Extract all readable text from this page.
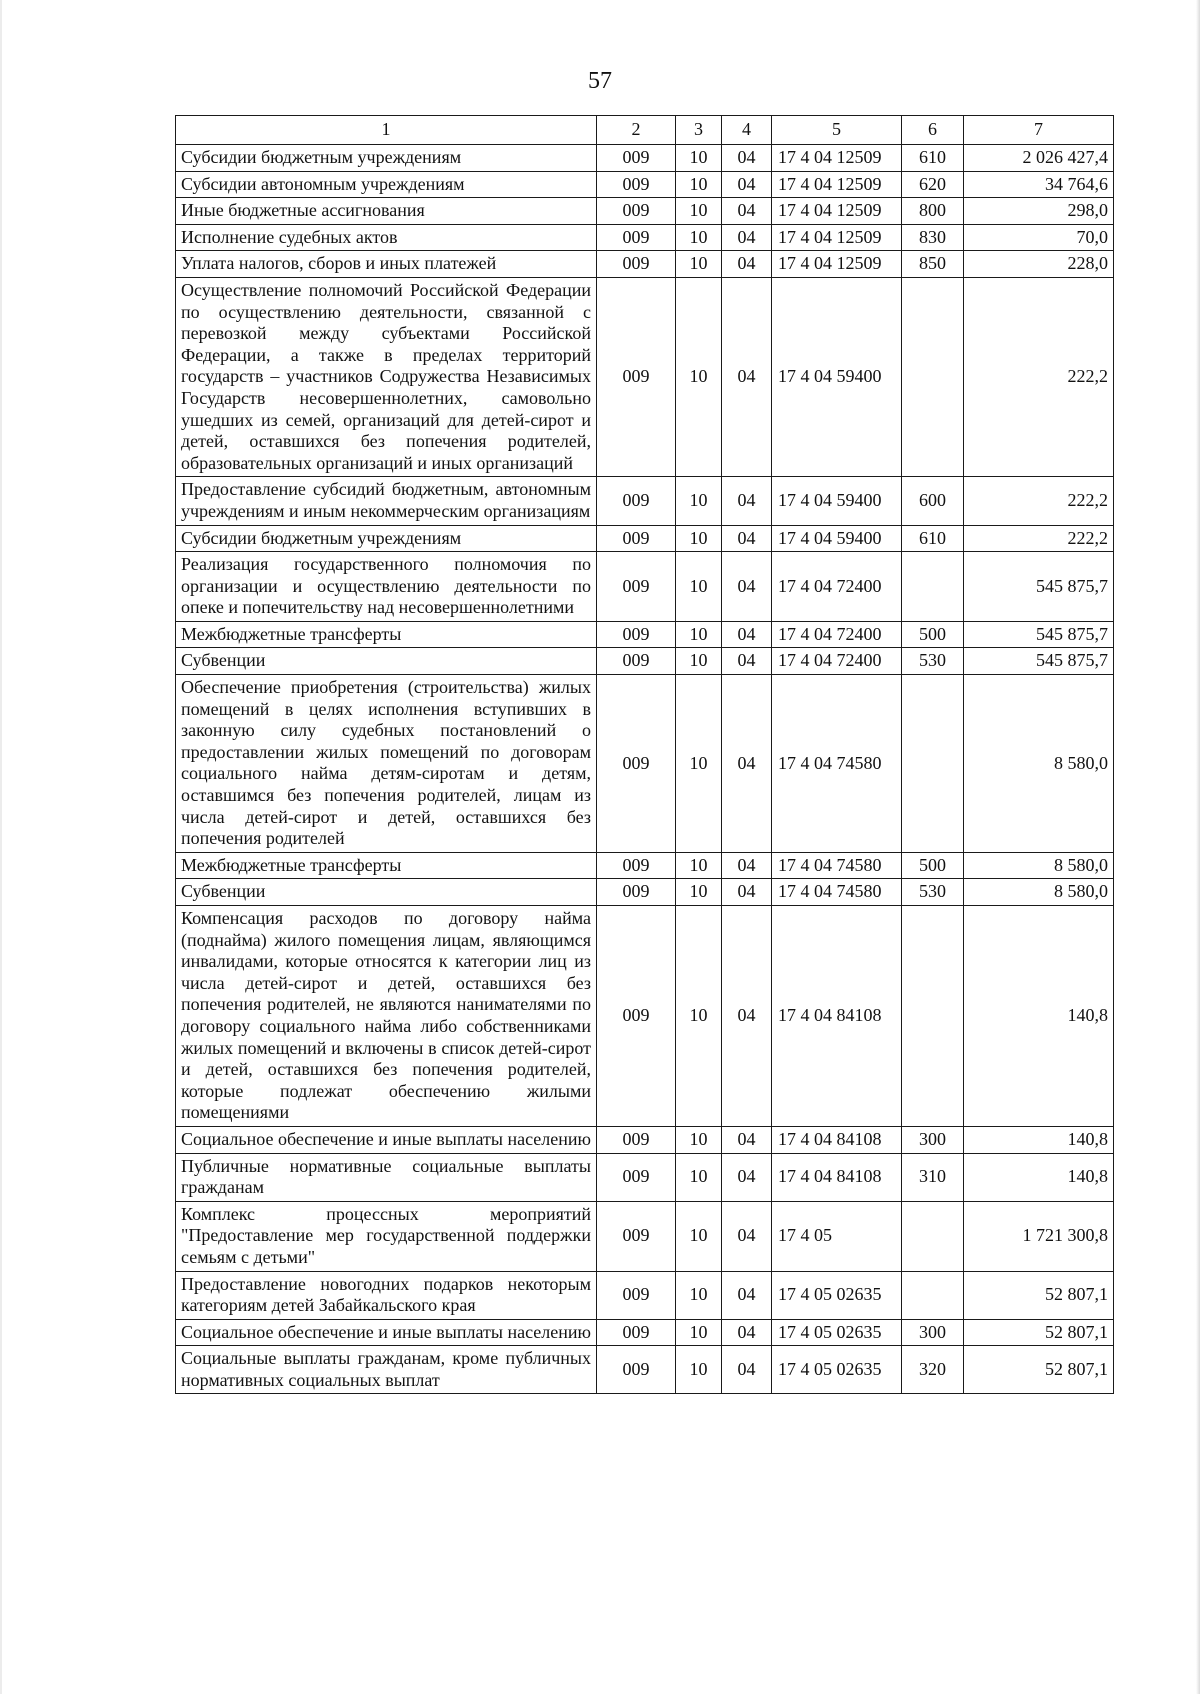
57
1	2	3	4	5	6	7
Субсидии бюджетным учреждениям	009	10	04	17 4 04 12509	610	2 026 427,4
Субсидии автономным учреждениям	009	10	04	17 4 04 12509	620	34 764,6
Иные бюджетные ассигнования	009	10	04	17 4 04 12509	800	298,0
Исполнение судебных актов	009	10	04	17 4 04 12509	830	70,0
Уплата налогов, сборов и иных платежей	009	10	04	17 4 04 12509	850	228,0
Осуществление полномочий Российской Федерации по осуществлению деятельности, связанной с перевозкой между субъектами Российской Федерации, а также в пределах территорий государств – участников Содружества Независимых Государств несовершеннолетних, самовольно ушедших из семей, организаций для детей-сирот и детей, оставшихся без попечения родителей, образовательных организаций и иных организаций	009	10	04	17 4 04 59400		222,2
Предоставление субсидий бюджетным, автономным учреждениям и иным некоммерческим организациям	009	10	04	17 4 04 59400	600	222,2
Субсидии бюджетным учреждениям	009	10	04	17 4 04 59400	610	222,2
Реализация государственного полномочия по организации и осуществлению деятельности по опеке и попечительству над несовершеннолетними	009	10	04	17 4 04 72400		545 875,7
Межбюджетные трансферты	009	10	04	17 4 04 72400	500	545 875,7
Субвенции	009	10	04	17 4 04 72400	530	545 875,7
Обеспечение приобретения (строительства) жилых помещений в целях исполнения вступивших в законную силу судебных постановлений о предоставлении жилых помещений по договорам социального найма детям-сиротам и детям, оставшимся без попечения родителей, лицам из числа детей-сирот и детей, оставшихся без попечения родителей	009	10	04	17 4 04 74580		8 580,0
Межбюджетные трансферты	009	10	04	17 4 04 74580	500	8 580,0
Субвенции	009	10	04	17 4 04 74580	530	8 580,0
Компенсация расходов по договору найма (поднайма) жилого помещения лицам, являющимся инвалидами, которые относятся к категории лиц из числа детей-сирот и детей, оставшихся без попечения родителей, не являются нанимателями по договору социального найма либо собственниками жилых помещений и включены в список детей-сирот и детей, оставшихся без попечения родителей, которые подлежат обеспечению жилыми помещениями	009	10	04	17 4 04 84108		140,8
Социальное обеспечение и иные выплаты населению	009	10	04	17 4 04 84108	300	140,8
Публичные нормативные социальные выплаты гражданам	009	10	04	17 4 04 84108	310	140,8
Комплекс процессных мероприятий "Предоставление мер государственной поддержки семьям с детьми"	009	10	04	17 4 05		1 721 300,8
Предоставление новогодних подарков некоторым категориям детей Забайкальского края	009	10	04	17 4 05 02635		52 807,1
Социальное обеспечение и иные выплаты населению	009	10	04	17 4 05 02635	300	52 807,1
Социальные выплаты гражданам, кроме публичных нормативных социальных выплат	009	10	04	17 4 05 02635	320	52 807,1
